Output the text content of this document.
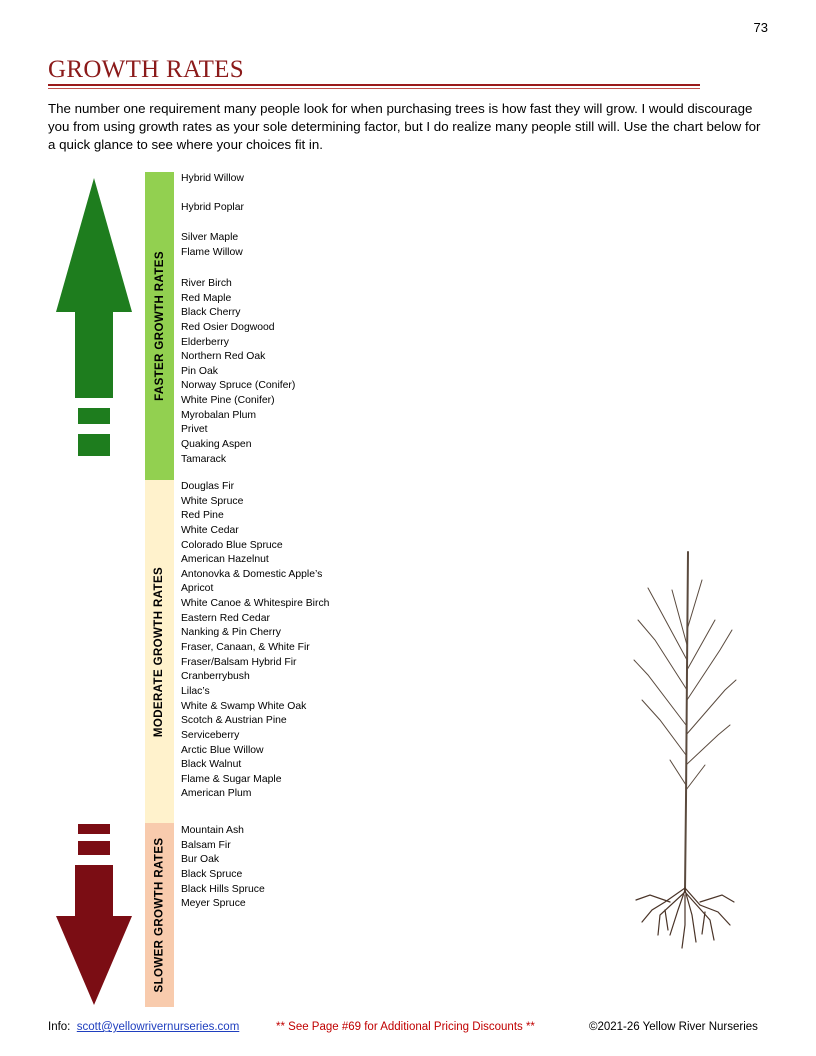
73
GROWTH RATES

The number one requirement many people look for when purchasing trees is how fast they will grow. I would discourage you from using growth rates as your sole determining factor, but I do realize many people still will. Use the chart below for a quick glance to see where your choices fit in.

FASTER GROWTH RATES
MODERATE GROWTH RATES
SLOWER GROWTH RATES
Hybrid Willow
Hybrid Poplar
Silver Maple
Flame Willow
River Birch
Red Maple
Black Cherry
Red Osier Dogwood
Elderberry
Northern Red Oak
Pin Oak
Norway Spruce (Conifer)
White Pine (Conifer)
Myrobalan Plum
Privet
Quaking Aspen
Tamarack
Douglas Fir
White Spruce
Red Pine
White Cedar
Colorado Blue Spruce
American Hazelnut
Antonovka & Domestic Apple’s
Apricot
White Canoe & Whitespire Birch
Eastern Red Cedar
Nanking & Pin Cherry
Fraser, Canaan, & White Fir
Fraser/Balsam Hybrid Fir
Cranberrybush
Lilac’s
White & Swamp White Oak
Scotch & Austrian Pine
Serviceberry
Arctic Blue Willow
Black Walnut
Flame & Sugar Maple
American Plum
Mountain Ash
Balsam Fir
Bur Oak
Black Spruce
Black Hills Spruce
Meyer Spruce
Info: scott@yellowrivernurseries.com	** See Page #69 for Additional Pricing Discounts **	©2021-26 Yellow River Nurseries
